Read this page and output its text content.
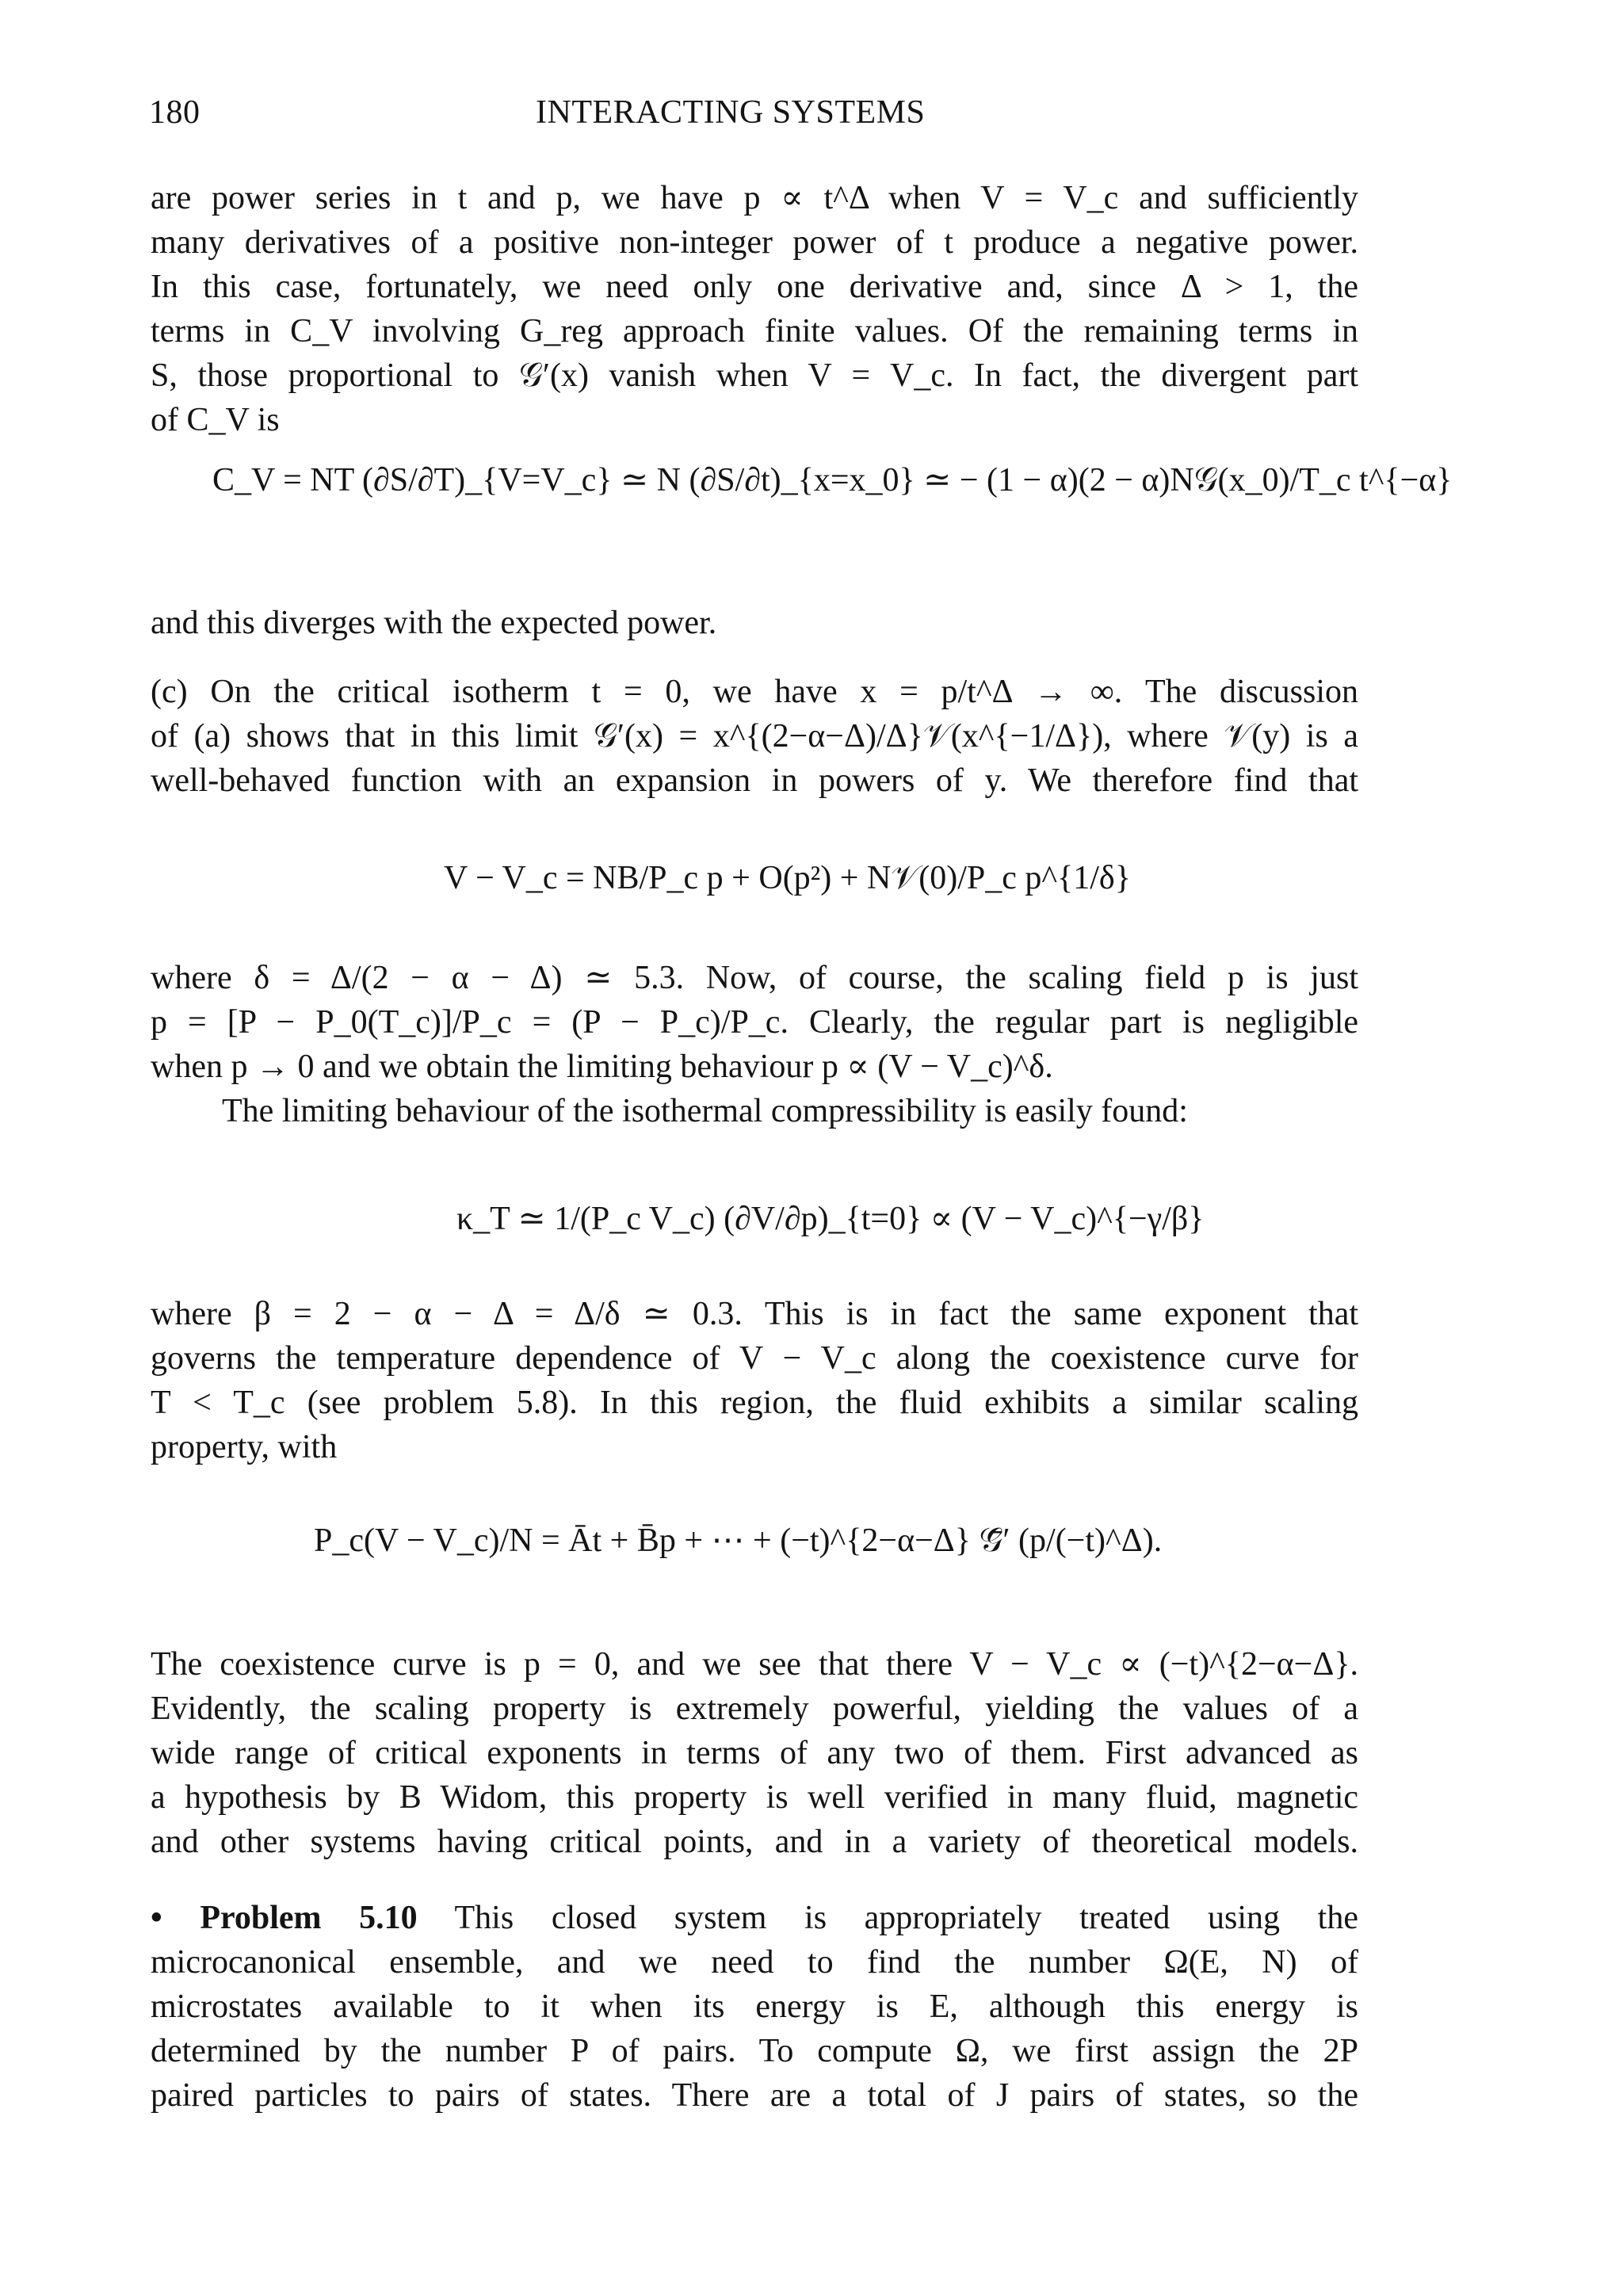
180	INTERACTING SYSTEMS
are power series in t and p, we have p ∝ t^Δ when V = V_c and sufficiently
many derivatives of a positive non-integer power of t produce a negative power.
In this case, fortunately, we need only one derivative and, since Δ > 1, the
terms in C_V involving G_reg approach finite values. Of the remaining terms in
S, those proportional to 𝒢′(x) vanish when V = V_c. In fact, the divergent part
of C_V is
C_V = NT (∂S/∂T)_{V=V_c} ≃ N (∂S/∂t)_{x=x_0} ≃ − (1 − α)(2 − α)N𝒢(x_0)/T_c t^{−α}
and this diverges with the expected power.
(c) On the critical isotherm t = 0, we have x = p/t^Δ → ∞. The discussion
of (a) shows that in this limit 𝒢′(x) = x^{(2−α−Δ)/Δ}𝒱(x^{−1/Δ}), where 𝒱(y) is a
well-behaved function with an expansion in powers of y. We therefore find that
V − V_c = NB/P_c p + O(p²) + N𝒱(0)/P_c p^{1/δ}
where δ = Δ/(2 − α − Δ) ≃ 5.3. Now, of course, the scaling field p is just
p = [P − P_0(T_c)]/P_c = (P − P_c)/P_c. Clearly, the regular part is negligible
when p → 0 and we obtain the limiting behaviour p ∝ (V − V_c)^δ.
The limiting behaviour of the isothermal compressibility is easily found:
κ_T ≃ 1/(P_c V_c) (∂V/∂p)_{t=0} ∝ (V − V_c)^{−γ/β}
where β = 2 − α − Δ = Δ/δ ≃ 0.3. This is in fact the same exponent that
governs the temperature dependence of V − V_c along the coexistence curve for
T < T_c (see problem 5.8). In this region, the fluid exhibits a similar scaling
property, with
P_c(V − V_c)/N = Āt + B̄p + ⋯ + (−t)^{2−α−Δ} 𝒢̄′ (p/(−t)^Δ).
The coexistence curve is p = 0, and we see that there V − V_c ∝ (−t)^{2−α−Δ}.
Evidently, the scaling property is extremely powerful, yielding the values of a
wide range of critical exponents in terms of any two of them. First advanced as
a hypothesis by B Widom, this property is well verified in many fluid, magnetic
and other systems having critical points, and in a variety of theoretical models.
• Problem 5.10 This closed system is appropriately treated using the
microcanonical ensemble, and we need to find the number Ω(E, N) of
microstates available to it when its energy is E, although this energy is
determined by the number P of pairs. To compute Ω, we first assign the 2P
paired particles to pairs of states. There are a total of J pairs of states, so the
